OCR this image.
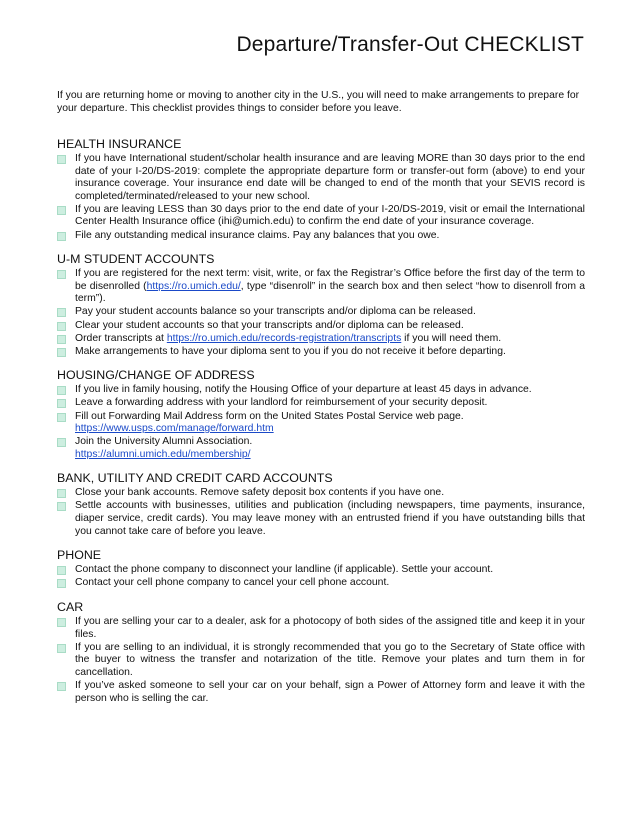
Departure/Transfer-Out CHECKLIST

If you are returning home or moving to another city in the U.S., you will need to make arrangements to prepare for your departure. This checklist provides things to consider before you leave.

HEALTH INSURANCE
If you have International student/scholar health insurance and are leaving MORE than 30 days prior to the end date of your I-20/DS-2019: complete the appropriate departure form or transfer-out form (above) to end your insurance coverage. Your insurance end date will be changed to end of the month that your SEVIS record is completed/terminated/released to your new school.
If you are leaving LESS than 30 days prior to the end date of your I-20/DS-2019, visit or email the International Center Health Insurance office (ihi@umich.edu) to confirm the end date of your insurance coverage.
File any outstanding medical insurance claims. Pay any balances that you owe.
U-M STUDENT ACCOUNTS
If you are registered for the next term: visit, write, or fax the Registrar’s Office before the first day of the term to be disenrolled (https://ro.umich.edu/, type “disenroll” in the search box and then select “how to disenroll from a term”).
Pay your student accounts balance so your transcripts and/or diploma can be released.
Clear your student accounts so that your transcripts and/or diploma can be released.
Order transcripts at https://ro.umich.edu/records-registration/transcripts if you will need them.
Make arrangements to have your diploma sent to you if you do not receive it before departing.
HOUSING/CHANGE OF ADDRESS
If you live in family housing, notify the Housing Office of your departure at least 45 days in advance.
Leave a forwarding address with your landlord for reimbursement of your security deposit.
Fill out Forwarding Mail Address form on the United States Postal Service web page.
https://www.usps.com/manage/forward.htm
Join the University Alumni Association.
https://alumni.umich.edu/membership/
BANK, UTILITY AND CREDIT CARD ACCOUNTS
Close your bank accounts. Remove safety deposit box contents if you have one.
Settle accounts with businesses, utilities and publication (including newspapers, time payments, insurance, diaper service, credit cards). You may leave money with an entrusted friend if you have outstanding bills that you cannot take care of before you leave.
PHONE
Contact the phone company to disconnect your landline (if applicable). Settle your account.
Contact your cell phone company to cancel your cell phone account.
CAR
If you are selling your car to a dealer, ask for a photocopy of both sides of the assigned title and keep it in your files.
If you are selling to an individual, it is strongly recommended that you go to the Secretary of State office with the buyer to witness the transfer and notarization of the title. Remove your plates and turn them in for cancellation.
If you’ve asked someone to sell your car on your behalf, sign a Power of Attorney form and leave it with the person who is selling the car.
